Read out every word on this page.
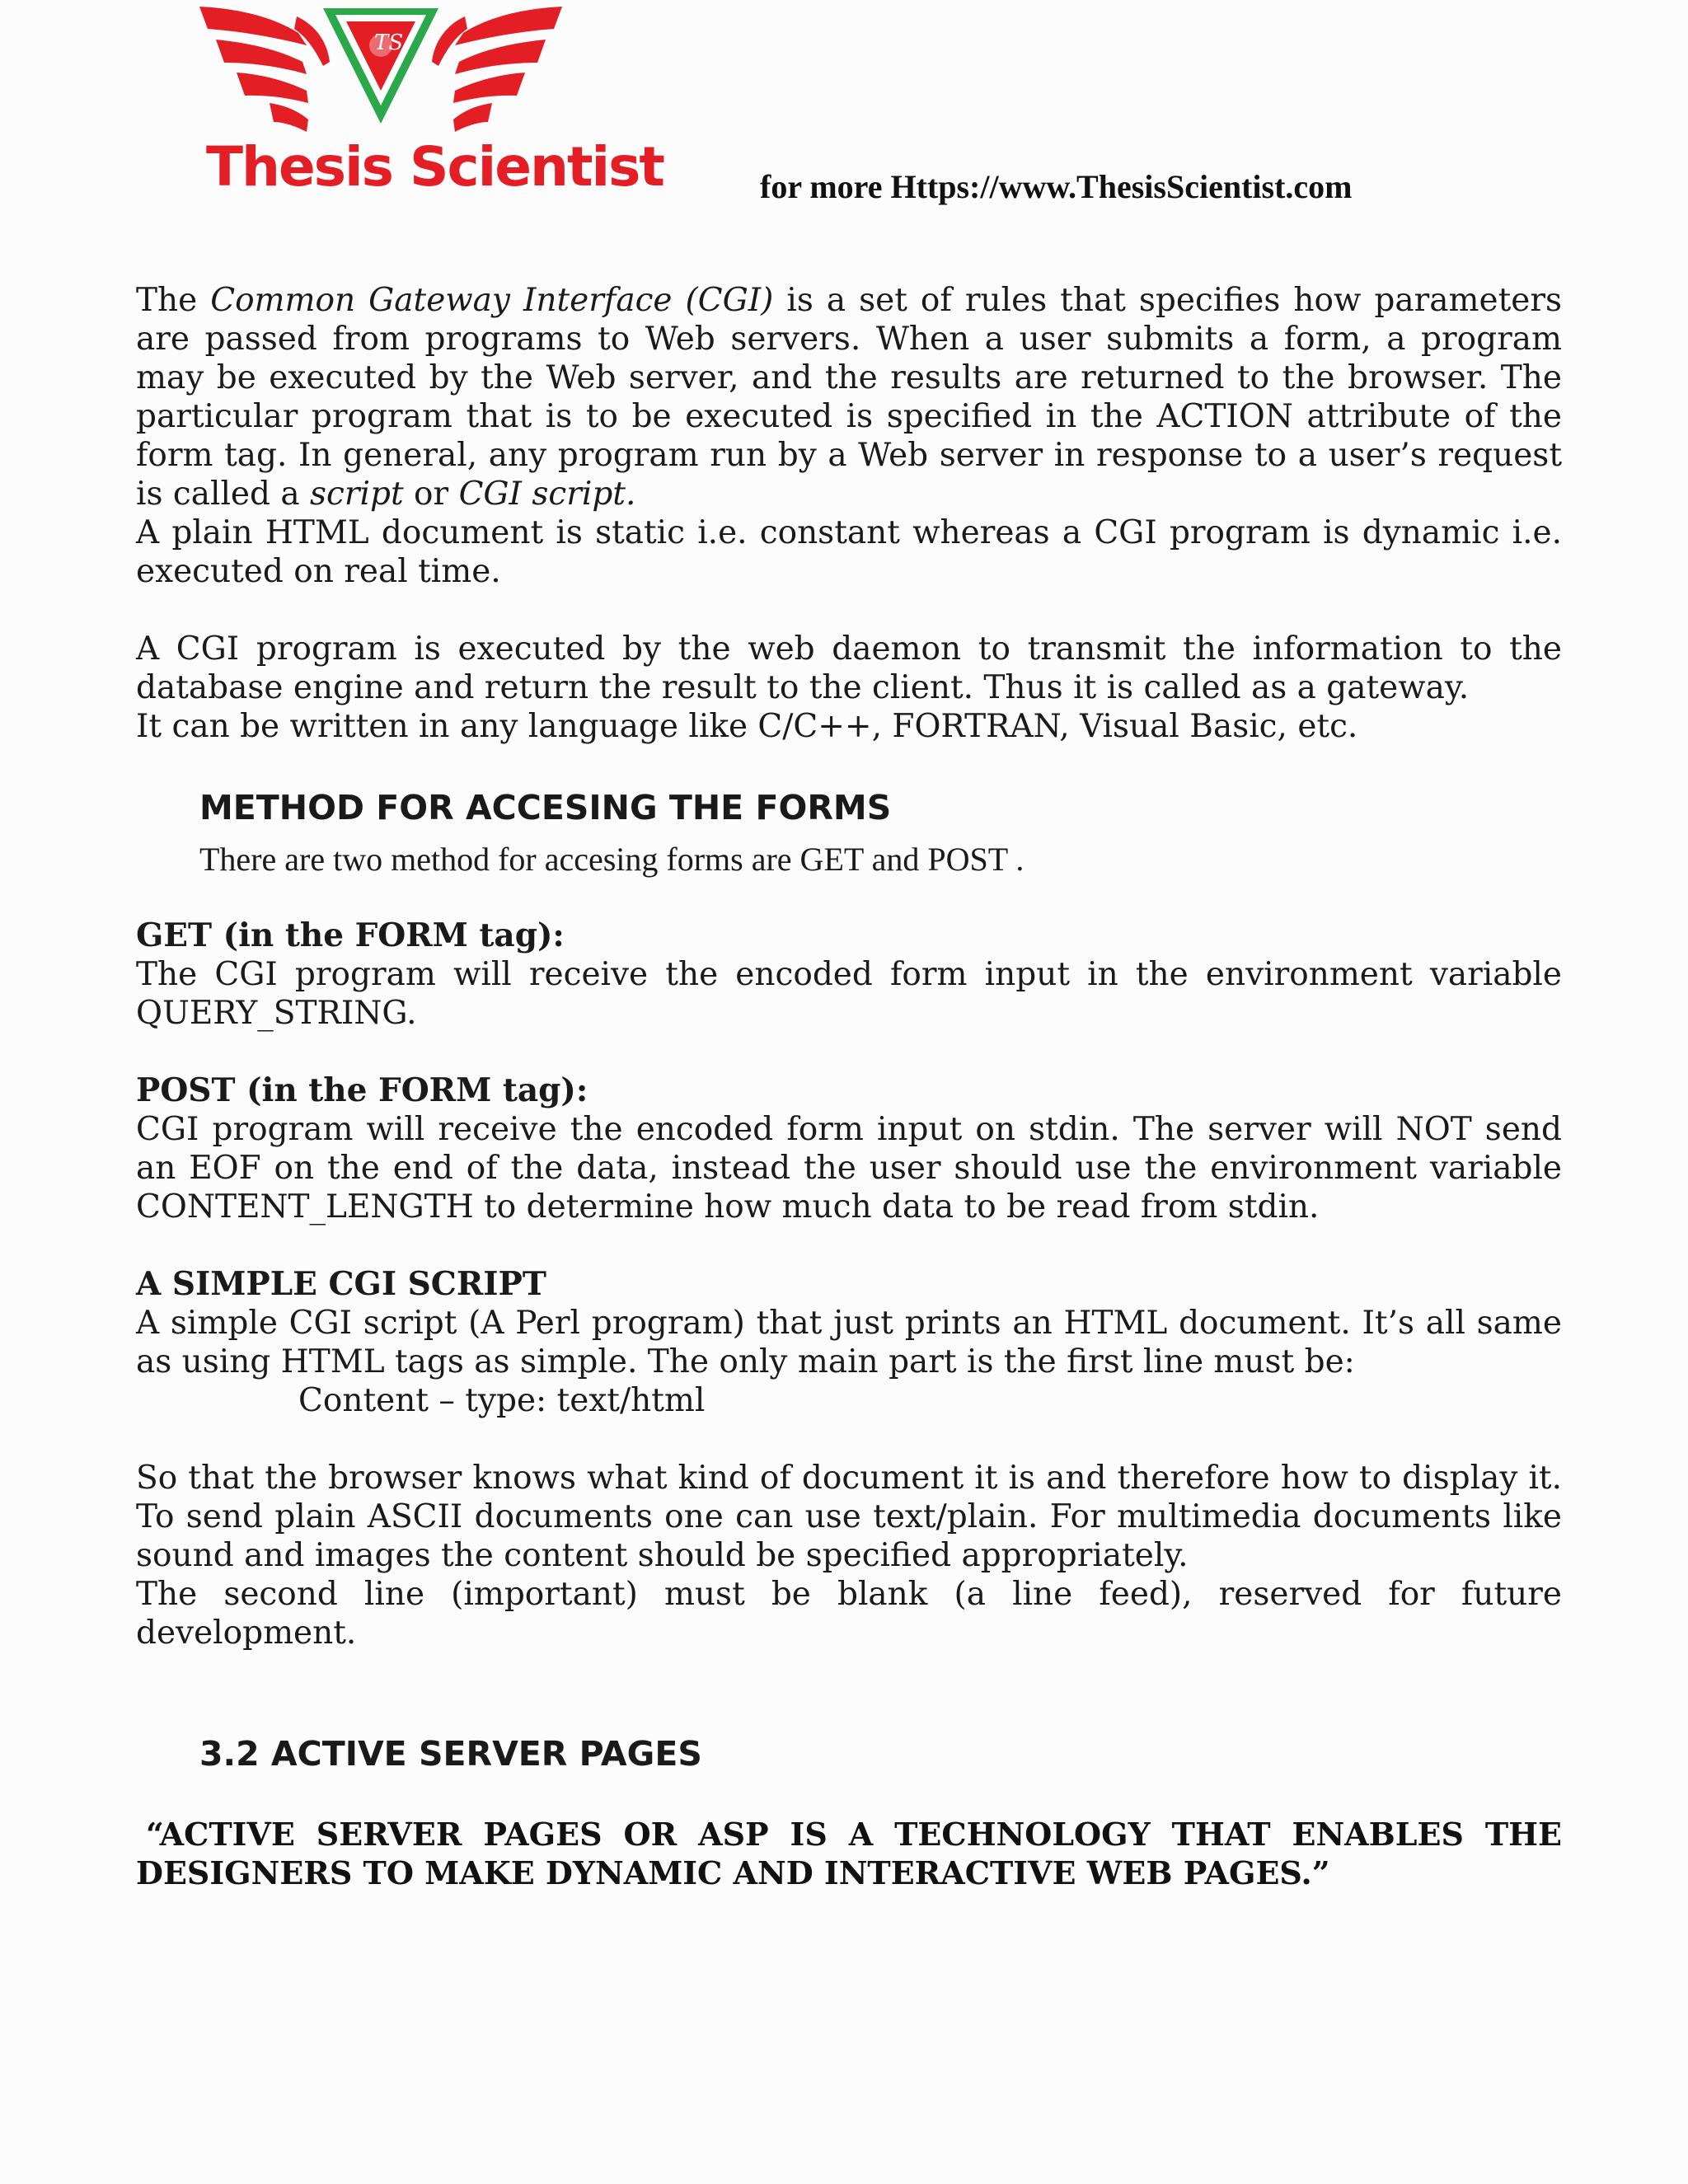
TS
Thesis Scientist	for more Https://www.ThesisScientist.com

The Common Gateway Interface (CGI) is a set of rules that specifies how parameters are passed from programs to Web servers. When a user submits a form, a program may be executed by the Web server, and the results are returned to the browser. The particular program that is to be executed is specified in the ACTION attribute of the form tag. In general, any program run by a Web server in response to a user’s request is called a script or CGI script.

A plain HTML document is static i.e. constant whereas a CGI program is dynamic i.e. executed on real time.

A CGI program is executed by the web daemon to transmit the information to the database engine and return the result to the client. Thus it is called as a gateway.

It can be written in any language like C/C++, FORTRAN, Visual Basic, etc.

METHOD FOR ACCESING THE FORMS
There are two method for accesing forms are GET and POST .

GET (in the FORM tag):

The CGI program will receive the encoded form input in the environment variable QUERY_STRING.

POST (in the FORM tag):

CGI program will receive the encoded form input on stdin. The server will NOT send an EOF on the end of the data, instead the user should use the environment variable CONTENT_LENGTH to determine how much data to be read from stdin.

A SIMPLE CGI SCRIPT

A simple CGI script (A Perl program) that just prints an HTML document. It’s all same as using HTML tags as simple. The only main part is the first line must be:

Content – type: text/html

So that the browser knows what kind of document it is and therefore how to display it. To send plain ASCII documents one can use text/plain. For multimedia documents like sound and images the content should be specified appropriately.

The second line (important) must be blank (a line feed), reserved for future development.

3.2 ACTIVE SERVER PAGES

“ACTIVE SERVER PAGES OR ASP IS A TECHNOLOGY THAT ENABLES THE

DESIGNERS TO MAKE DYNAMIC AND INTERACTIVE WEB PAGES.”
